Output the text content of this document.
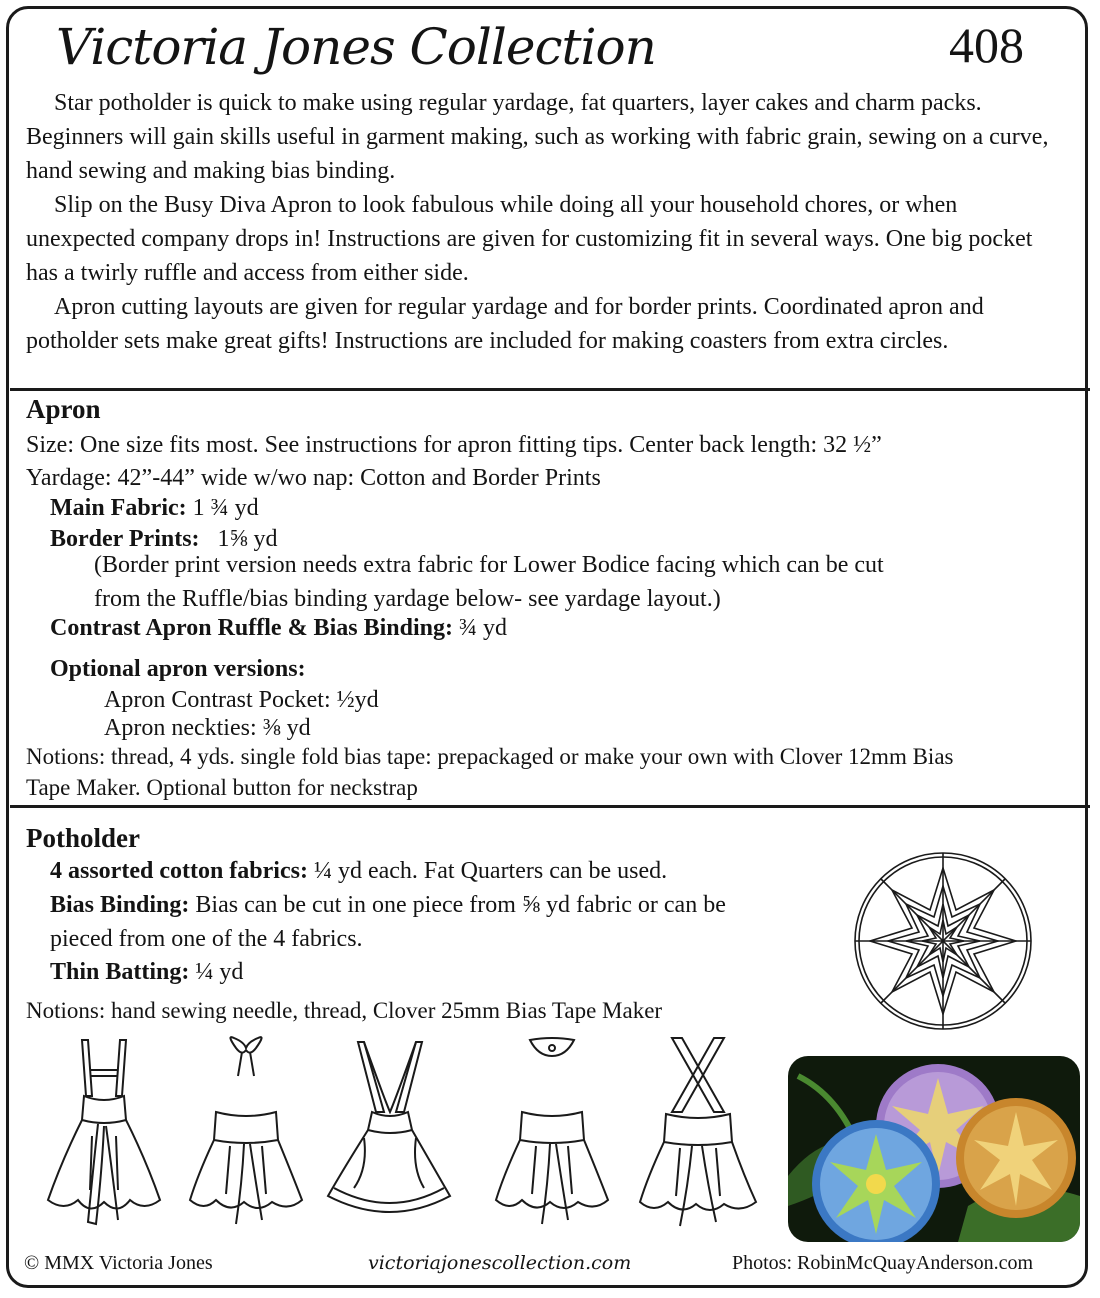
Victoria Jones Collection	408
Star potholder is quick to make using regular yardage, fat quarters, layer cakes and charm packs. Beginners will gain skills useful in garment making, such as working with fabric grain, sewing on a curve, hand sewing and making bias binding.
Slip on the Busy Diva Apron to look fabulous while doing all your household chores, or when unexpected company drops in! Instructions are given for customizing fit in several ways. One big pocket has a twirly ruffle and access from either side.
Apron cutting layouts are given for regular yardage and for border prints. Coordinated apron and potholder sets make great gifts! Instructions are included for making coasters from extra circles.
Apron
Size: One size fits most. See instructions for apron fitting tips. Center back length: 32 ½”
Yardage: 42”-44” wide w/wo nap: Cotton and Border Prints
Main Fabric: 1 ¾ yd
Border Prints: 1⅝ yd
(Border print version needs extra fabric for Lower Bodice facing which can be cut
from the Ruffle/bias binding yardage below- see yardage layout.)
Contrast Apron Ruffle & Bias Binding: ¾ yd
Optional apron versions:
Apron Contrast Pocket: ½yd
Apron neckties: ⅜ yd
Notions: thread, 4 yds. single fold bias tape: prepackaged or make your own with Clover 12mm Bias
Tape Maker. Optional button for neckstrap
Potholder
4 assorted cotton fabrics: ¼ yd each. Fat Quarters can be used.
Bias Binding: Bias can be cut in one piece from ⅝ yd fabric or can be
pieced from one of the 4 fabrics.
Thin Batting: ¼ yd
Notions: hand sewing needle, thread, Clover 25mm Bias Tape Maker
© MMX Victoria Jones	victoriajonescollection.com	Photos: RobinMcQuayAnderson.com
